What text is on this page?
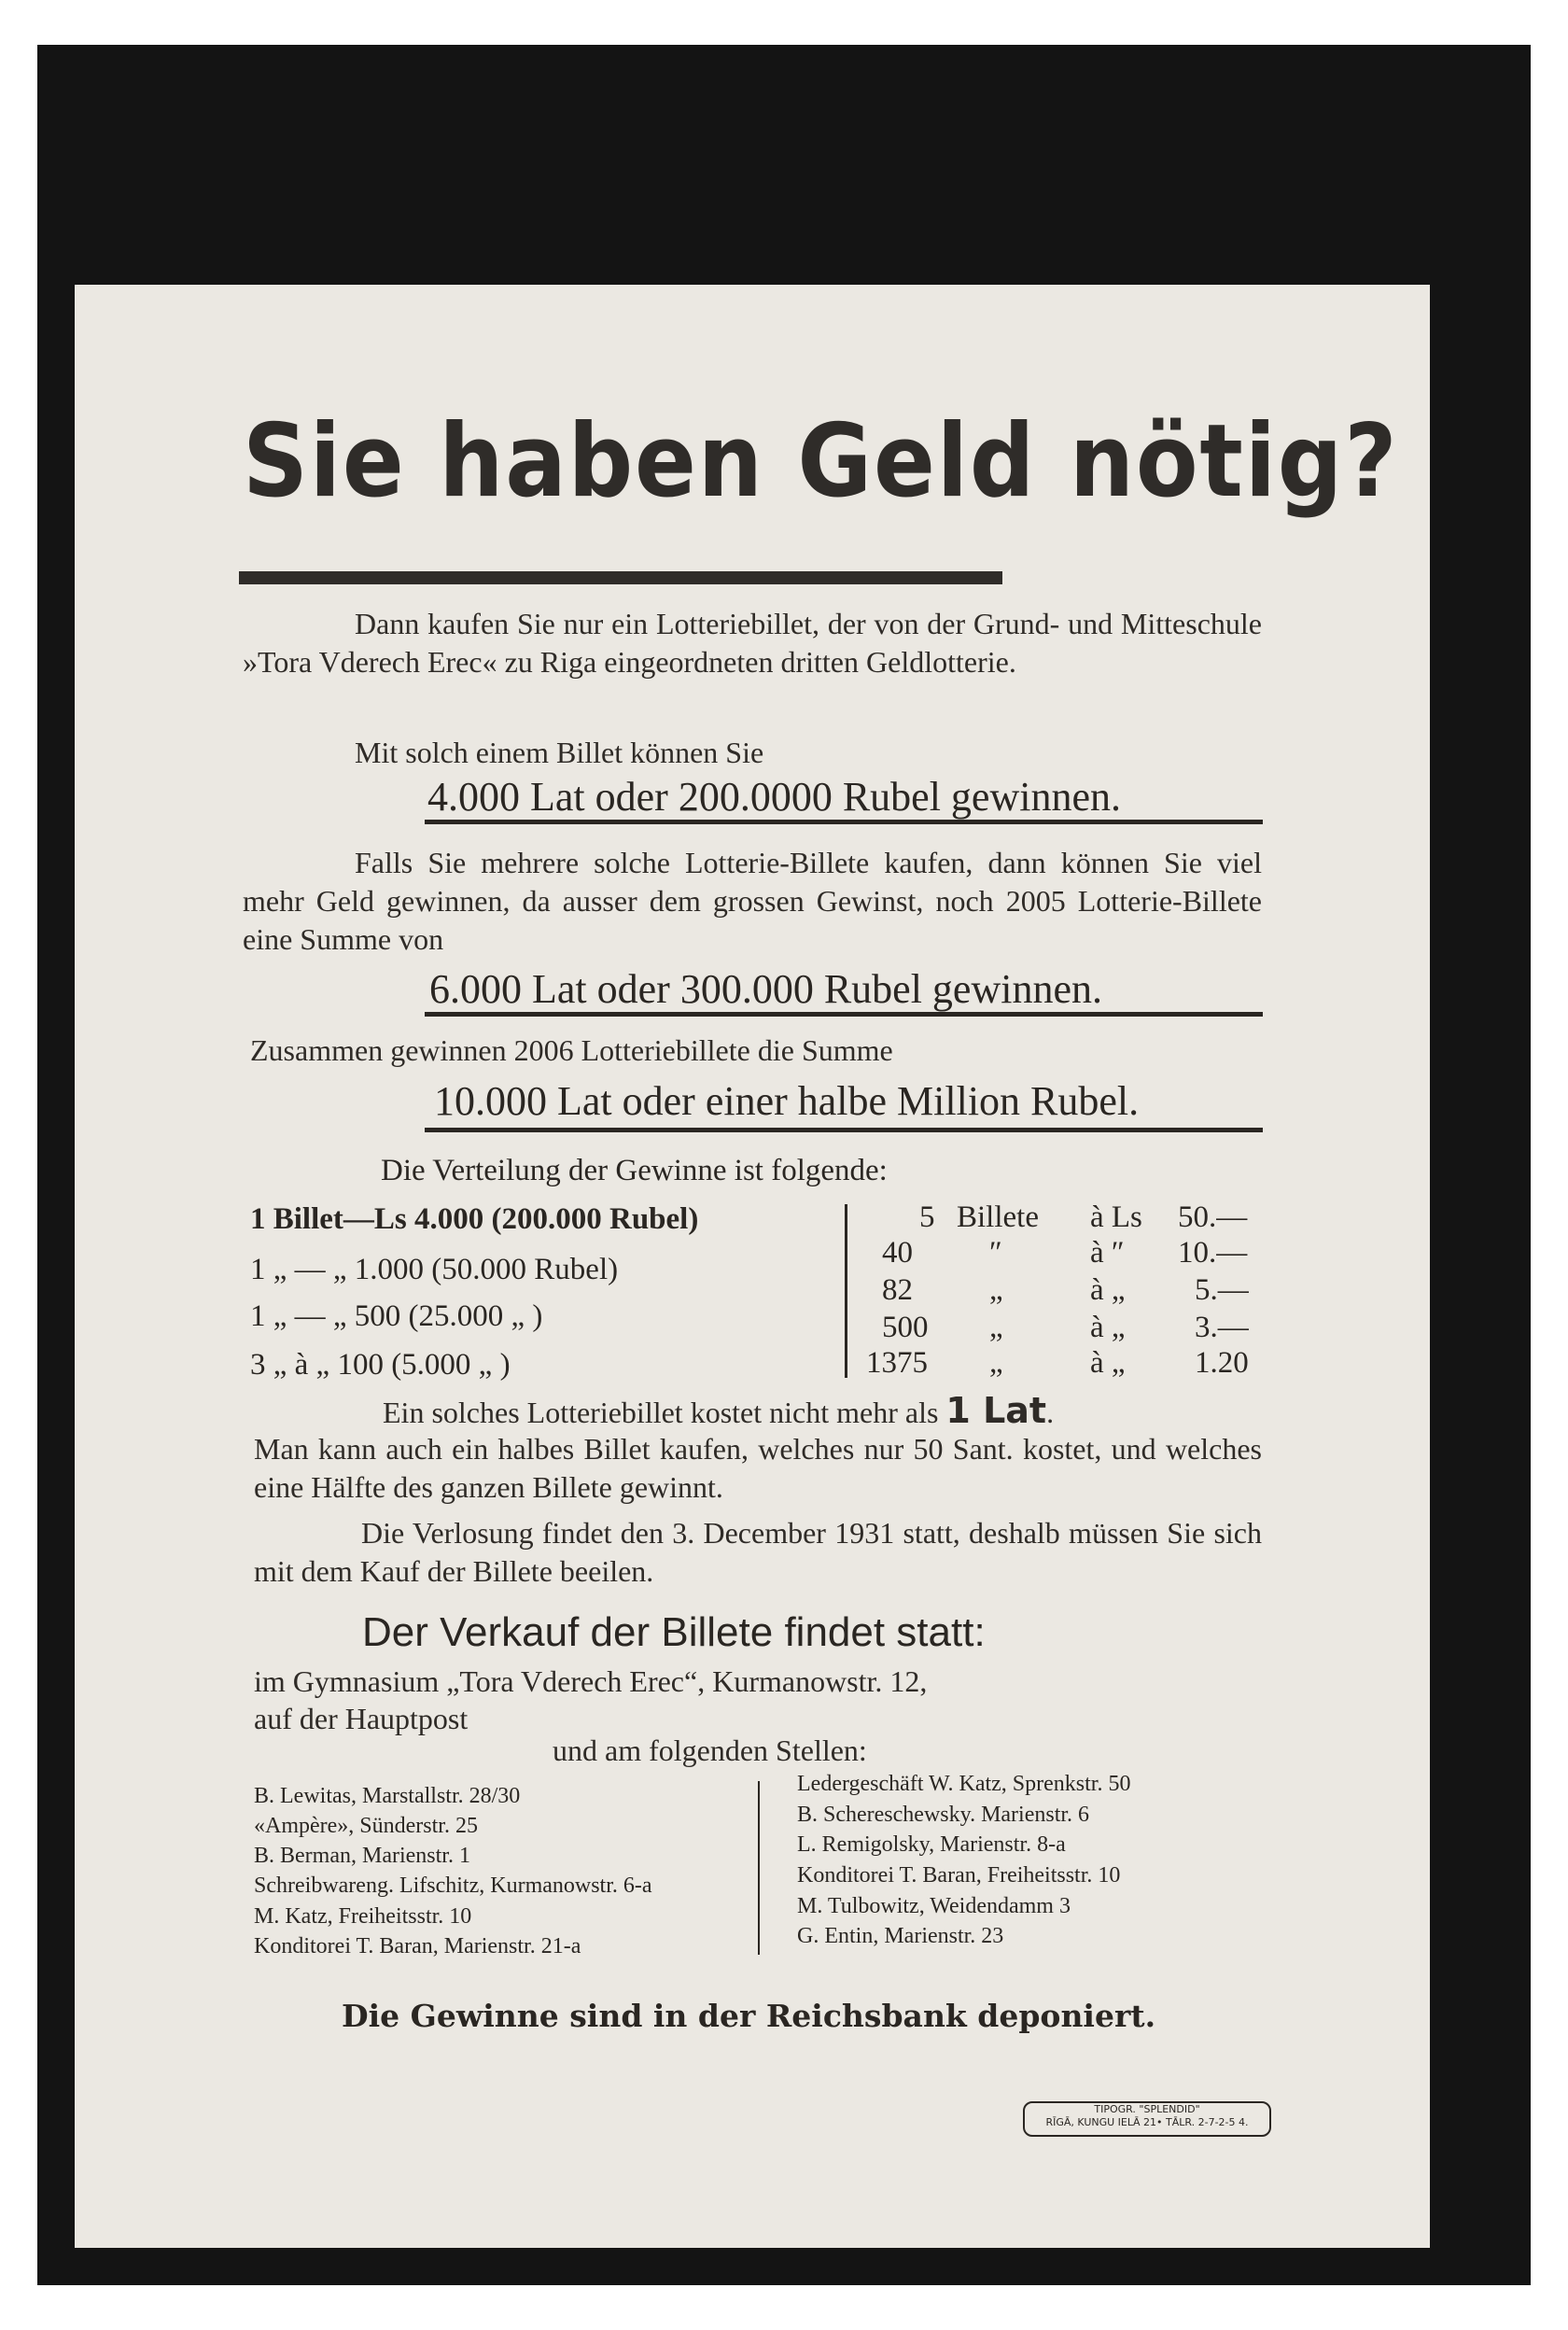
Sie haben Geld nötig?
Dann kaufen Sie nur ein Lotteriebillet, der von der Grund- und Mitteschule »Tora Vderech Erec« zu Riga eingeordneten dritten Geldlotterie.
Mit solch einem Billet können Sie
4.000 Lat oder 200.0000 Rubel gewinnen.
Falls Sie mehrere solche Lotterie-Billete kaufen, dann können Sie viel mehr Geld gewinnen, da ausser dem grossen Gewinst, noch 2005 Lotterie-Billete eine Summe von
6.000 Lat oder 300.000 Rubel gewinnen.
Zusammen gewinnen 2006 Lotteriebillete die Summe
10.000 Lat oder einer halbe Million Rubel.
Die Verteilung der Gewinne ist folgende:
1 Billet—Ls 4.000 (200.000 Rubel)
1 „ — „ 1.000 (50.000 Rubel)
1 „ — „ 500 (25.000 „ )
3 „ à „ 100 (5.000 „ )
5 Billete à Ls 50.—
40 ″	à ″ 10.—
82 „	à „ 5.—
500 „	à „ 3.—
1375 „	à „ 1.20
Ein solches Lotteriebillet kostet nicht mehr als 1 Lat.
Man kann auch ein halbes Billet kaufen, welches nur 50 Sant. kostet, und welches eine Hälfte des ganzen Billete gewinnt.
Die Verlosung findet den 3. December 1931 statt, deshalb müssen Sie sich mit dem Kauf der Billete beeilen.
Der Verkauf der Billete findet statt:
im Gymnasium „Tora Vderech Erec“, Kurmanowstr. 12,
auf der Hauptpost
und am folgenden Stellen:
B. Lewitas, Marstallstr. 28/30
«Ampère», Sünderstr. 25
B. Berman, Marienstr. 1
Schreibwareng. Lifschitz, Kurmanowstr. 6-a
M. Katz, Freiheitsstr. 10
Konditorei T. Baran, Marienstr. 21-a
Ledergeschäft W. Katz, Sprenkstr. 50
B. Schereschewsky. Marienstr. 6
L. Remigolsky, Marienstr. 8-a
Konditorei T. Baran, Freiheitsstr. 10
M. Tulbowitz, Weidendamm 3
G. Entin, Marienstr. 23
Die Gewinne sind in der Reichsbank deponiert.
TIPOGR. "SPLENDID"
RĪGĀ, KUNGU IELĀ 21• TĀLR. 2-7-2-5 4.
